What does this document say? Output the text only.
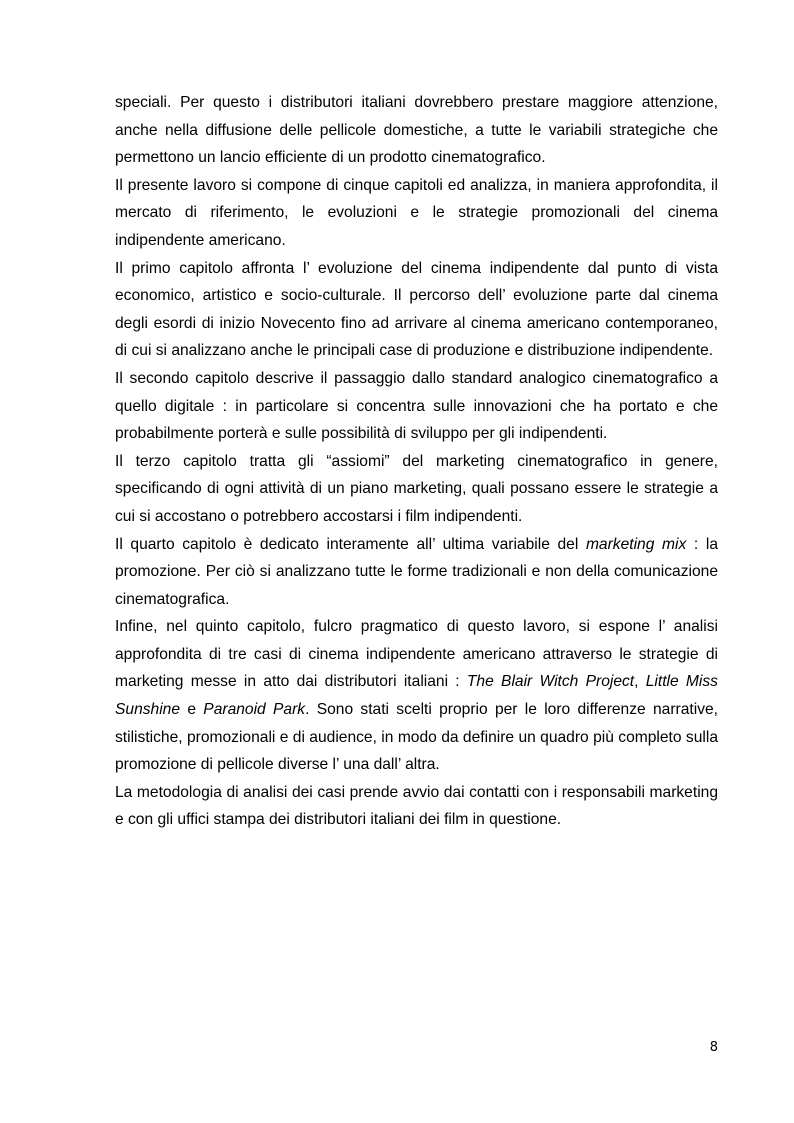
speciali. Per questo i distributori italiani dovrebbero prestare maggiore attenzione, anche nella diffusione delle pellicole domestiche, a tutte le variabili strategiche che permettono un lancio efficiente di un prodotto cinematografico.

Il presente lavoro si compone di cinque capitoli ed analizza, in maniera approfondita, il mercato di riferimento, le evoluzioni e le strategie promozionali del cinema indipendente americano.

Il primo capitolo affronta l’ evoluzione del cinema indipendente dal punto di vista economico, artistico e socio-culturale. Il percorso dell’ evoluzione parte dal cinema degli esordi di inizio Novecento fino ad arrivare al cinema americano contemporaneo, di cui si analizzano anche le principali case di produzione e distribuzione indipendente.

Il secondo capitolo descrive il passaggio dallo standard analogico cinematografico a quello digitale : in particolare si concentra sulle innovazioni che ha portato e che probabilmente porterà e sulle possibilità di sviluppo per gli indipendenti.

Il terzo capitolo tratta gli “assiomi” del marketing cinematografico in genere, specificando di ogni attività di un piano marketing, quali possano essere le strategie a cui si accostano o potrebbero accostarsi i film indipendenti.

Il quarto capitolo è dedicato interamente all’ ultima variabile del marketing mix : la promozione. Per ciò si analizzano tutte le forme tradizionali e non della comunicazione cinematografica.

Infine, nel quinto capitolo, fulcro pragmatico di questo lavoro, si espone l’ analisi approfondita di tre casi di cinema indipendente americano attraverso le strategie di marketing messe in atto dai distributori italiani : The Blair Witch Project, Little Miss Sunshine e Paranoid Park. Sono stati scelti proprio per le loro differenze narrative, stilistiche, promozionali e di audience, in modo da definire un quadro più completo sulla promozione di pellicole diverse l’ una dall’ altra.

La metodologia di analisi dei casi prende avvio dai contatti con i responsabili marketing e con gli uffici stampa dei distributori italiani dei film in questione.

8
